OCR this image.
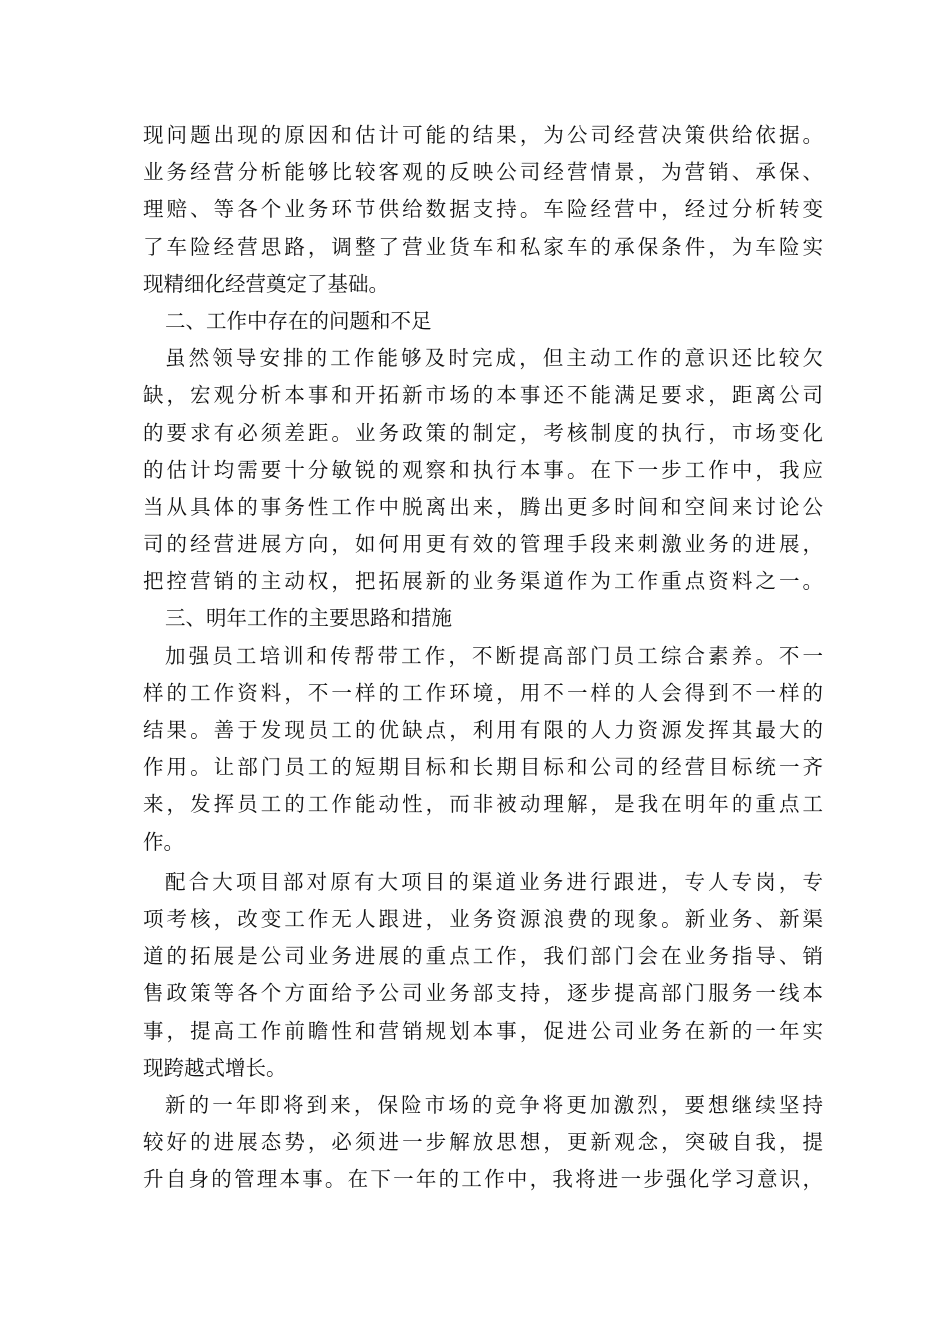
现问题出现的原因和估计可能的结果，为公司经营决策供给依据。
业务经营分析能够比较客观的反映公司经营情景，为营销、承保、
理赔、等各个业务环节供给数据支持。车险经营中，经过分析转变
了车险经营思路，调整了营业货车和私家车的承保条件，为车险实
现精细化经营奠定了基础。
二、工作中存在的问题和不足
虽然领导安排的工作能够及时完成，但主动工作的意识还比较欠
缺，宏观分析本事和开拓新市场的本事还不能满足要求，距离公司
的要求有必须差距。业务政策的制定，考核制度的执行，市场变化
的估计均需要十分敏锐的观察和执行本事。在下一步工作中，我应
当从具体的事务性工作中脱离出来，腾出更多时间和空间来讨论公
司的经营进展方向，如何用更有效的管理手段来刺激业务的进展，
把控营销的主动权，把拓展新的业务渠道作为工作重点资料之一。
三、明年工作的主要思路和措施
加强员工培训和传帮带工作，不断提高部门员工综合素养。不一
样的工作资料，不一样的工作环境，用不一样的人会得到不一样的
结果。善于发现员工的优缺点，利用有限的人力资源发挥其最大的
作用。让部门员工的短期目标和长期目标和公司的经营目标统一齐
来，发挥员工的工作能动性，而非被动理解，是我在明年的重点工
作。
配合大项目部对原有大项目的渠道业务进行跟进，专人专岗，专
项考核，改变工作无人跟进，业务资源浪费的现象。新业务、新渠
道的拓展是公司业务进展的重点工作，我们部门会在业务指导、销
售政策等各个方面给予公司业务部支持，逐步提高部门服务一线本
事，提高工作前瞻性和营销规划本事，促进公司业务在新的一年实
现跨越式增长。
新的一年即将到来，保险市场的竞争将更加激烈，要想继续坚持
较好的进展态势，必须进一步解放思想，更新观念，突破自我，提
升自身的管理本事。在下一年的工作中，我将进一步强化学习意识，
